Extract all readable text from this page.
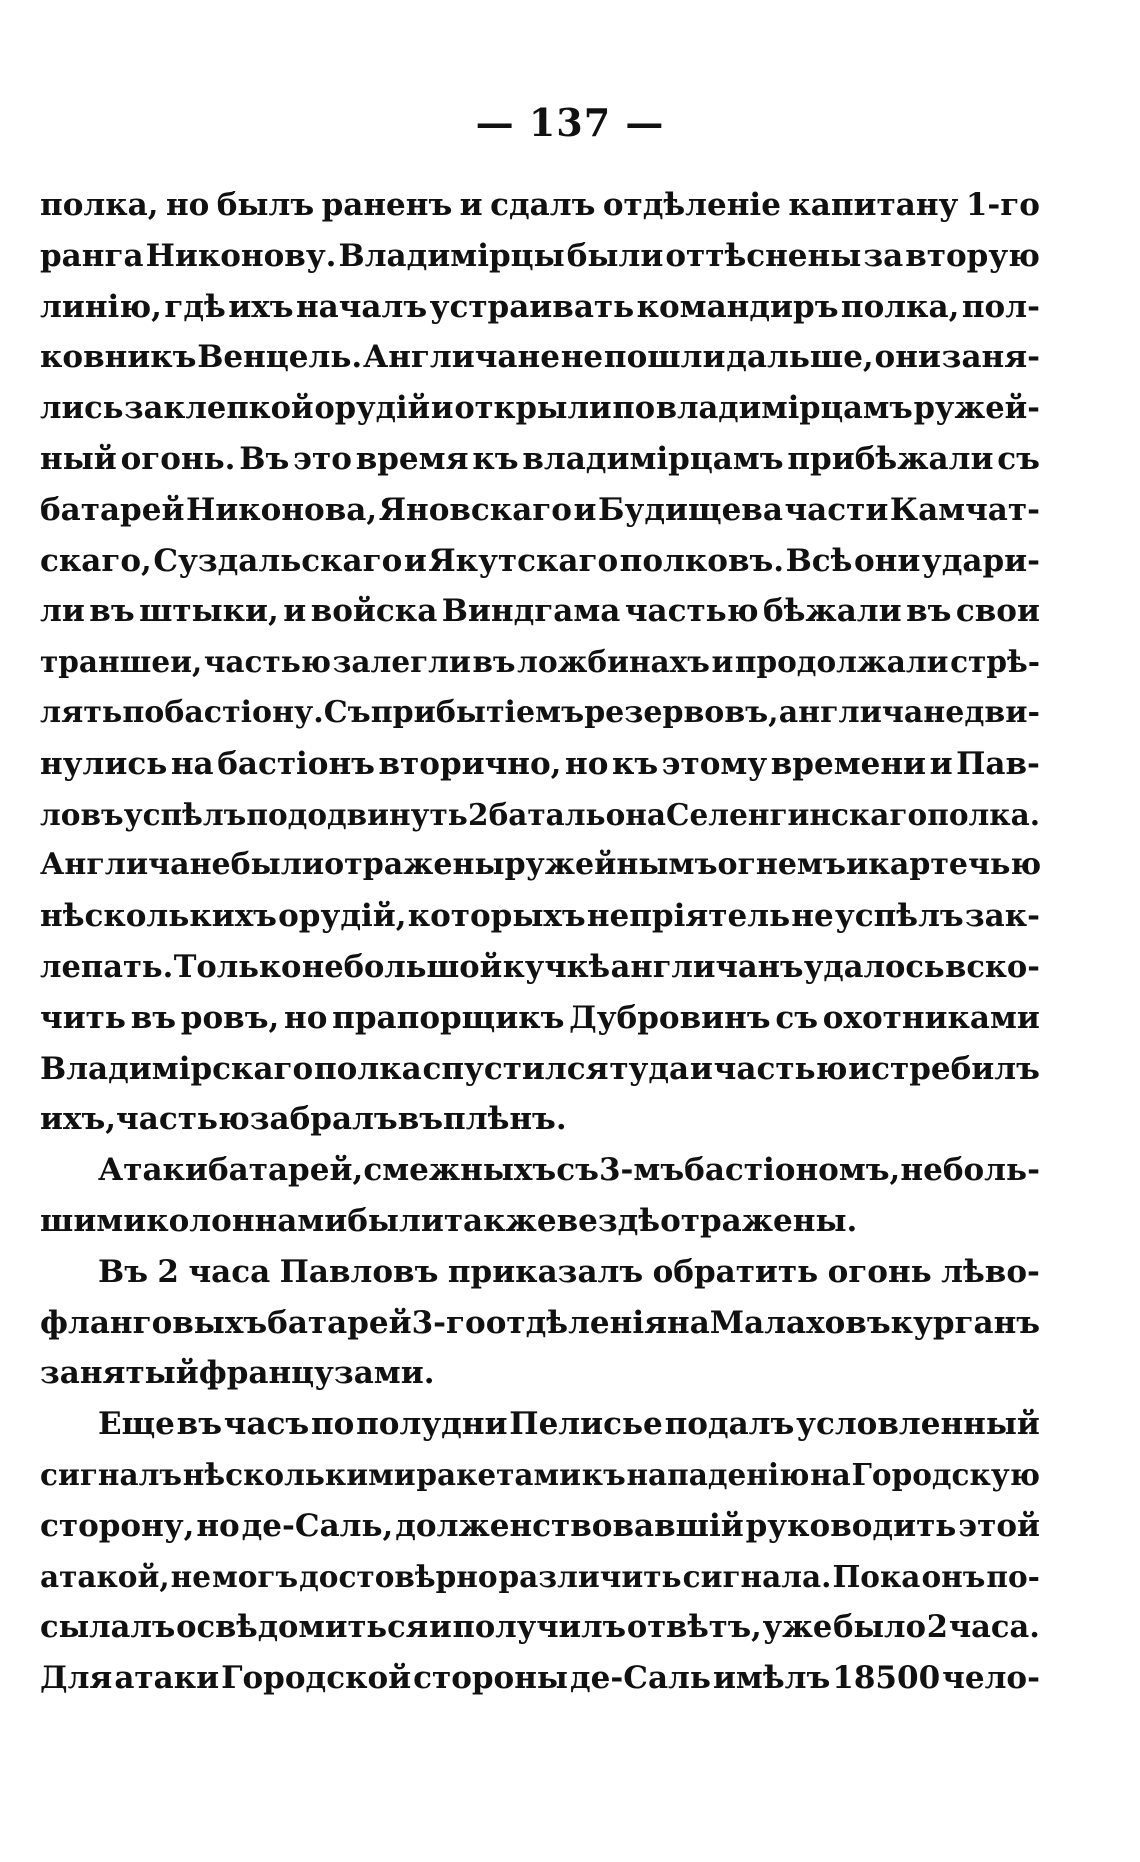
— 137 —
полка, но былъ раненъ и сдалъ отдѣленіе капитану 1-го
ранга Никонову. Владимірцы были оттѣснены за вторую
линію, гдѣ ихъ началъ устраивать командиръ полка, пол-
ковникъ Венцель. Англичане не пошли дальше, они заня-
лись заклепкой орудій и открыли по владимірцамъ ружей-
ный огонь. Въ это время къ владимірцамъ прибѣжали съ
батарей Никонова, Яновскаго и Будищева части Камчат-
скаго, Суздальскаго и Якутскаго полковъ. Всѣ они удари-
ли въ штыки, и войска Виндгама частью бѣжали въ свои
траншеи, частью залегли въ ложбинахъ и продолжали стрѣ-
лять по бастіону. Съ прибытіемъ резервовъ, англичане дви-
нулись на бастіонъ вторично, но къ этому времени и Пав-
ловъ успѣлъ пододвинуть 2 батальона Селенгинскаго полка.
Англичане были отражены ружейнымъ огнемъ и картечью
нѣсколькихъ орудій, которыхъ непріятель не успѣлъ зак-
лепать. Только небольшой кучкѣ англичанъ удалось вско-
чить въ ровъ, но прапорщикъ Дубровинъ съ охотниками
Владимірскаго полка спустился туда и частью истребилъ
ихъ, частью забралъ въ плѣнъ.
Атаки батарей, смежныхъ съ 3-мъ бастіономъ, неболь-
шими колоннами были также вездѣ отражены.
Въ 2 часа Павловъ приказалъ обратить огонь лѣво-
фланговыхъ батарей 3-го отдѣленія на Малаховъ курганъ
занятый французами.
Еще въ часъ по полудни Пелисье подалъ условленный
сигналъ нѣсколькими ракетами къ нападенію на Городскую
сторону, но де-Саль, долженствовавшій руководить этой
атакой, не могъ достовѣрно различить сигнала. Пока онъ по-
сылалъ освѣдомиться и получилъ отвѣтъ, уже было 2 часа.
Для атаки Городской стороны де-Саль имѣлъ 18500 чело-
